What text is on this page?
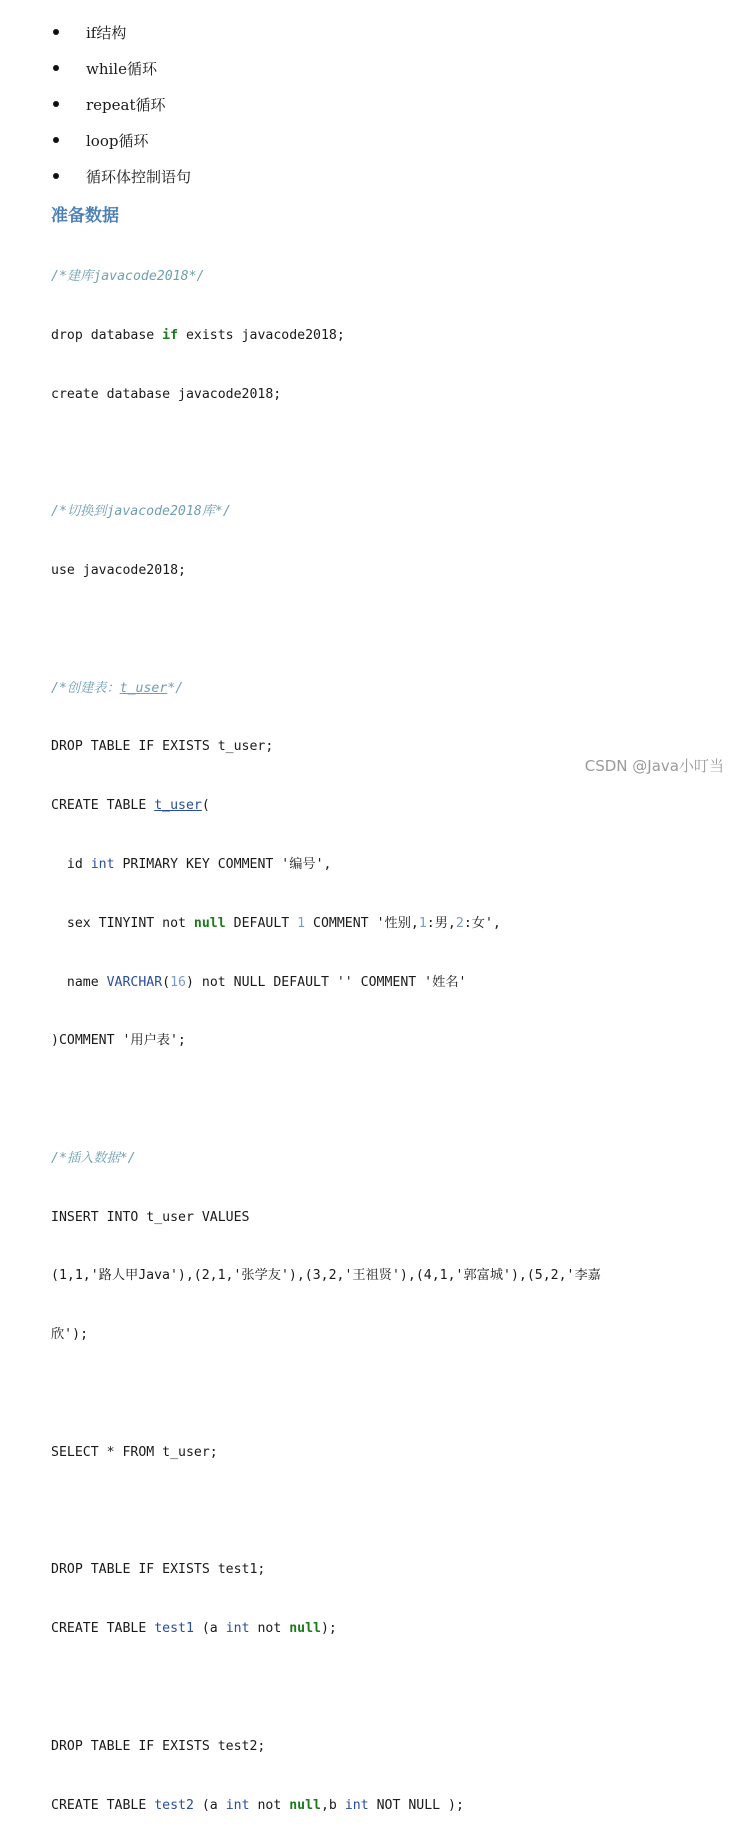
if结构
while循环
repeat循环
loop循环
循环体控制语句
准备数据

/*建库javacode2018*/

drop database if exists javacode2018;

create database javacode2018;

/*切换到javacode2018库*/

use javacode2018;

/*创建表：t_user*/

DROP TABLE IF EXISTS t_user;

CREATE TABLE t_user(

id int PRIMARY KEY COMMENT '编号',

sex TINYINT not null DEFAULT 1 COMMENT '性别,1:男,2:女',

name VARCHAR(16) not NULL DEFAULT '' COMMENT '姓名'

)COMMENT '用户表';

/*插入数据*/

INSERT INTO t_user VALUES

(1,1,'路人甲Java'),(2,1,'张学友'),(3,2,'王祖贤'),(4,1,'郭富城'),(5,2,'李嘉

欣');

SELECT * FROM t_user;

DROP TABLE IF EXISTS test1;

CREATE TABLE test1 (a int not null);

DROP TABLE IF EXISTS test2;

CREATE TABLE test2 (a int not null,b int NOT NULL );

CSDN @Java小叮当
